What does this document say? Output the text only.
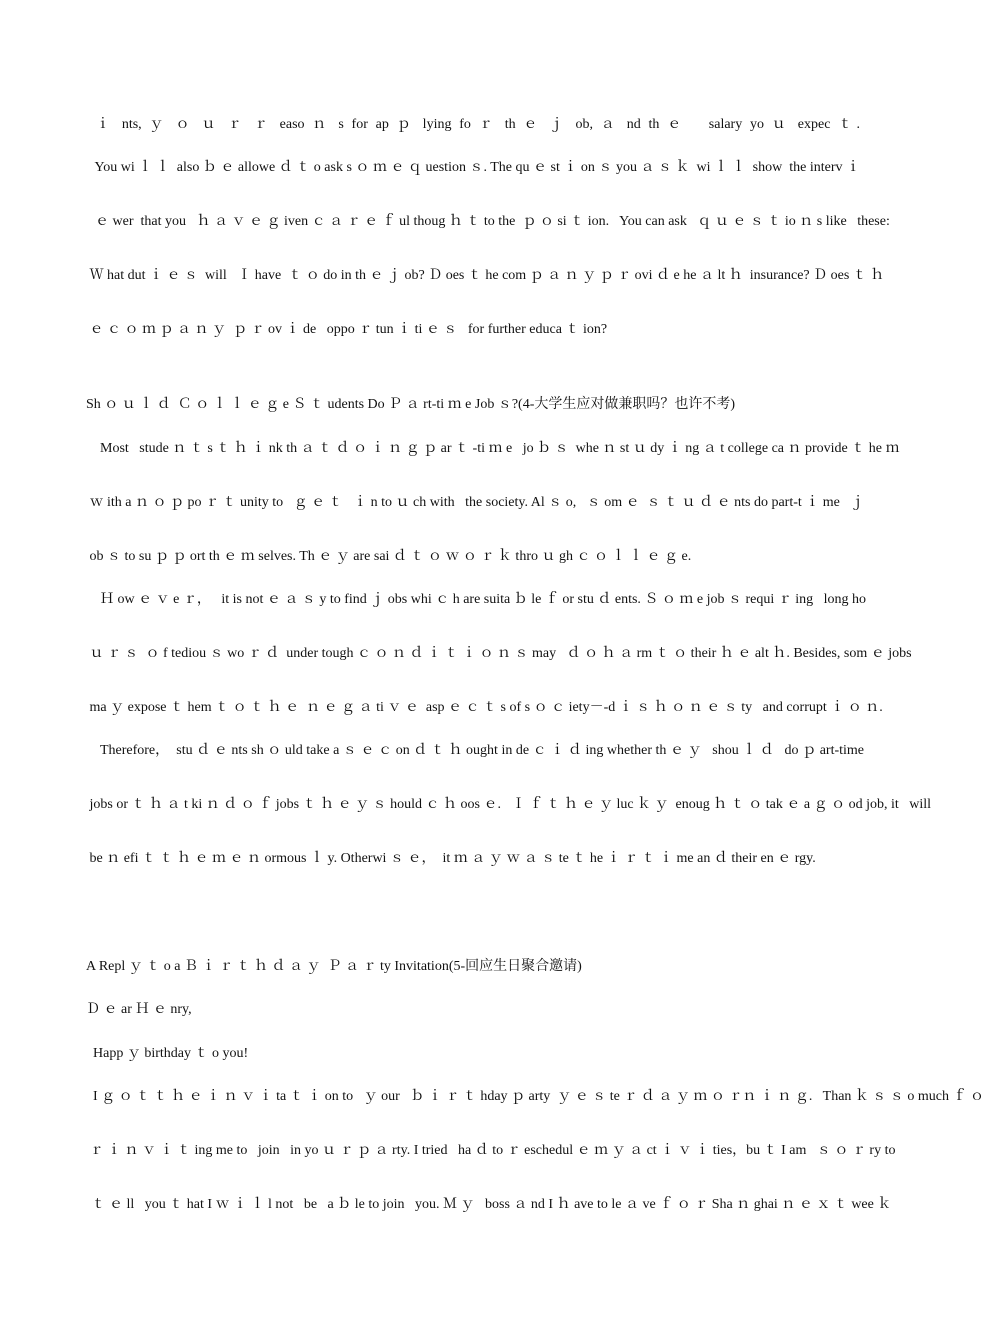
ｉ nts, ｙ ｏ ｕ ｒ ｒ easo ｎ s for ap ｐ lying fo ｒ th ｅ ｊ ob, ａ nd th ｅ   salary yo ｕ expec ｔ.
You wi ｌ ｌ  also ｂ ｅ allowe ｄ ｔ o ask s ｏ ｍ ｅ ｑ uestion ｓ. The qu ｅ st ｉ on ｓ you ａ ｓ ｋ  wi ｌ ｌ  show  the interv ｉ
ｅ wer  that you   ｈ ａ ｖ ｅ ｇ iven ｃ ａ ｒ ｅ ｆ ul thoug ｈ ｔ to the  ｐ ｏ si ｔ ion.   You can ask   ｑ ｕ ｅ ｓ ｔ io ｎ s like   these:
Ｗ hat dut ｉ ｅ ｓ  will   Ｉ have  ｔ ｏ do in th ｅ ｊ ob? Ｄ oes ｔ he com ｐ ａ ｎ ｙ ｐ ｒ ovi ｄ e he ａ lt ｈ  insurance? Ｄ oes ｔ ｈ
ｅ ｃ ｏ ｍ ｐ ａ ｎ ｙ  ｐ ｒ ov ｉ de   oppo ｒ tun ｉ ti ｅ ｓ   for further educa ｔ ion?
Sh ｏ ｕ ｌ ｄ  Ｃ ｏ ｌ ｌ ｅ ｇ e Ｓ ｔ udents Do Ｐ ａ rt-ti ｍ e Job ｓ?(4-大学生应对做兼职吗？也许不考)
Most   stude ｎ ｔ s ｔ ｈ ｉ nk th ａ ｔ ｄ ｏ ｉ ｎ ｇ ｐ ar ｔ -ti ｍ e   jo ｂ ｓ  whe ｎ st ｕ dy ｉ ng ａ t college ca ｎ provide ｔ he ｍ
ｗ ith a ｎ ｏ ｐ po ｒ ｔ unity to   ｇ ｅ ｔ   ｉ n to ｕ ch with   the society. Al ｓ o,   ｓ om ｅ  ｓ ｔ ｕ ｄ ｅ nts do part-t ｉ me   ｊ
ob ｓ to su ｐ ｐ ort th ｅ ｍ selves. Th ｅ ｙ are sai ｄ ｔ ｏ ｗ ｏ ｒ ｋ thro ｕ gh ｃ ｏ ｌ ｌ ｅ ｇ e.
Ｈ ow ｅ ｖ e ｒ，   it is not ｅ ａ ｓ y to find ｊ obs whi ｃ h are suita ｂ le ｆ or stu ｄ ents. Ｓ ｏ ｍ e job ｓ requi ｒ ing   long ho
ｕ ｒ ｓ  ｏ f tediou ｓ wo ｒ ｄ  under tough ｃ ｏ ｎ ｄ ｉ ｔ ｉ ｏ ｎ ｓ may   ｄ ｏ ｈ ａ rm ｔ ｏ their ｈ ｅ alt ｈ. Besides, som ｅ jobs
ma ｙ expose ｔ hem ｔ ｏ ｔ ｈ ｅ  ｎ ｅ ｇ ａ ti ｖ ｅ  asp ｅ ｃ ｔ s of s ｏ ｃ iety－-d ｉ ｓ ｈ ｏ ｎ ｅ ｓ ty   and corrupt ｉ ｏ ｎ.
Therefore，  stu ｄ ｅ nts sh ｏ uld take a ｓ ｅ ｃ on ｄ ｔ ｈ ought in de ｃ ｉ ｄ ing whether th ｅ ｙ   shou ｌ ｄ   do ｐ art-time
jobs or ｔ ｈ ａ t ki ｎ ｄ ｏ ｆ jobs ｔ ｈ ｅ ｙ ｓ hould ｃ ｈ oos ｅ.   Ｉ ｆ ｔ ｈ ｅ ｙ luc ｋ ｙ  enoug ｈ ｔ ｏ tak ｅ a ｇ ｏ od job, it   will
be ｎ efi ｔ ｔ ｈ ｅ ｍ ｅ ｎ ormous ｌ y. Otherwi ｓ ｅ，  it ｍ ａ ｙ ｗ ａ ｓ te ｔ he ｉ ｒ ｔ ｉ me an ｄ their en ｅ rgy.
A Repl ｙ ｔ o a Ｂ ｉ ｒ ｔ ｈ ｄ ａ ｙ  Ｐ ａ ｒ ty Invitation(5-回应生日聚合邀请)
Ｄ ｅ ar Ｈ ｅ nry,
Happ ｙ birthday ｔ o you!
I ｇ ｏ ｔ ｔ ｈ ｅ ｉ ｎ ｖ ｉ ta ｔ ｉ on to   ｙ our   ｂ ｉ ｒ ｔ hday ｐ arty  ｙ ｅ ｓ te ｒ ｄ ａ ｙ ｍ ｏ ｒｎ ｉ ｎ ｇ.   Than ｋ ｓ ｓ o much ｆ ｏ
ｒ ｉ ｎ ｖ ｉ ｔ ing me to   join   in yo ｕ ｒ ｐ ａ rty. I tried   ha ｄ to ｒ eschedul ｅ ｍ ｙ ａ ct ｉ ｖ ｉ ties，bu ｔ I am   ｓ ｏ ｒ ry to
ｔ ｅ ll   you ｔ hat I ｗ ｉ ｌ l not   be   a ｂ le to join   you. Ｍ ｙ   boss ａ nd I ｈ ave to le ａ ve ｆ ｏ ｒ Sha ｎ ghai ｎ ｅ ｘ ｔ wee ｋ
